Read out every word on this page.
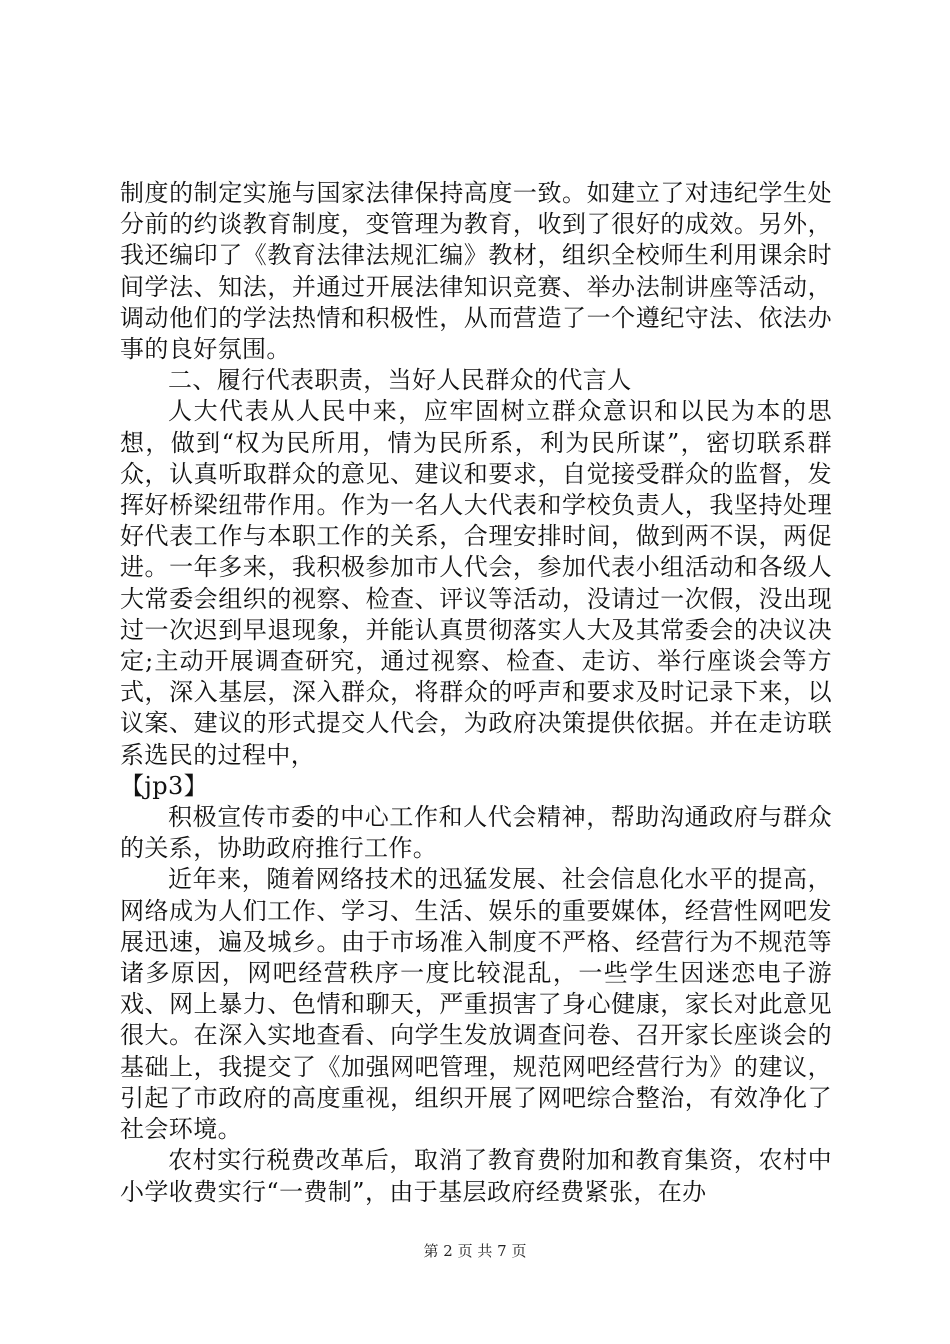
制度的制定实施与国家法律保持高度一致。如建立了对违纪学生处分前的约谈教育制度，变管理为教育，收到了很好的成效。另外，我还编印了《教育法律法规汇编》教材，组织全校师生利用课余时间学法、知法，并通过开展法律知识竞赛、举办法制讲座等活动，调动他们的学法热情和积极性，从而营造了一个遵纪守法、依法办事的良好氛围。

二、履行代表职责，当好人民群众的代言人

人大代表从人民中来，应牢固树立群众意识和以民为本的思想，做到“权为民所用，情为民所系，利为民所谋”，密切联系群众，认真听取群众的意见、建议和要求，自觉接受群众的监督，发挥好桥梁纽带作用。作为一名人大代表和学校负责人，我坚持处理好代表工作与本职工作的关系，合理安排时间，做到两不误，两促进。一年多来，我积极参加市人代会，参加代表小组活动和各级人大常委会组织的视察、检查、评议等活动，没请过一次假，没出现过一次迟到早退现象，并能认真贯彻落实人大及其常委会的决议决定;主动开展调查研究，通过视察、检查、走访、举行座谈会等方式，深入基层，深入群众，将群众的呼声和要求及时记录下来，以议案、建议的形式提交人代会，为政府决策提供依据。并在走访联系选民的过程中，

【jp3】

积极宣传市委的中心工作和人代会精神，帮助沟通政府与群众的关系，协助政府推行工作。

近年来，随着网络技术的迅猛发展、社会信息化水平的提高，网络成为人们工作、学习、生活、娱乐的重要媒体，经营性网吧发展迅速，遍及城乡。由于市场准入制度不严格、经营行为不规范等诸多原因，网吧经营秩序一度比较混乱，一些学生因迷恋电子游戏、网上暴力、色情和聊天，严重损害了身心健康，家长对此意见很大。在深入实地查看、向学生发放调查问卷、召开家长座谈会的基础上，我提交了《加强网吧管理，规范网吧经营行为》的建议，引起了市政府的高度重视，组织开展了网吧综合整治，有效净化了社会环境。

农村实行税费改革后，取消了教育费附加和教育集资，农村中小学收费实行“一费制”，由于基层政府经费紧张，在办

第 2 页 共 7 页
